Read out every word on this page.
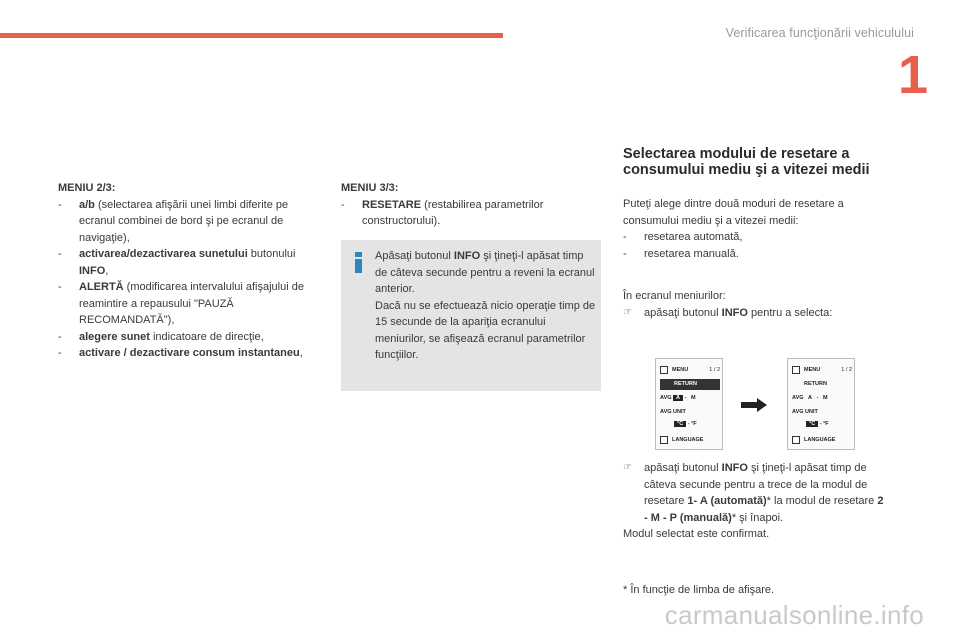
Verificarea funcţionării vehiculului
1
MENIU 2/3:
- a/b (selectarea afişării unei limbi diferite pe ecranul combinei de bord şi pe ecranul de navigaţie),
- activarea/dezactivarea sunetului butonului INFO,
- ALERTĂ (modificarea intervalului afişajului de reamintire a repausului "PAUZĂ RECOMANDATĂ"),
- alegere sunet indicatoare de direcţie,
- activare / dezactivare consum instantaneu,
MENIU 3/3:
- RESETARE (restabilirea parametrilor constructorului).
Apăsaţi butonul INFO şi ţineţi-l apăsat timp de câteva secunde pentru a reveni la ecranul anterior.
Dacă nu se efectuează nicio operaţie timp de 15 secunde de la apariţia ecranului meniurilor, se afişează ecranul parametrilor funcţiilor.
Selectarea modului de resetare a consumului mediu şi a vitezei medii
Puteţi alege dintre două moduri de resetare a consumului mediu şi a vitezei medii:
- resetarea automată,
- resetarea manuală.
În ecranul meniurilor:
☞ apăsaţi butonul INFO pentru a selecta:
MENU	1 / 2
RETURN
AVG A - M
AVG UNIT
°C - °F
LANGUAGE
MENU	1 / 2
RETURN
AVG A - M
AVG UNIT
°C - °F
LANGUAGE
☞ apăsaţi butonul INFO şi ţineţi-l apăsat timp de câteva secunde pentru a trece de la modul de resetare 1- A (automată)* la modul de resetare 2 - M - P (manuală)* şi înapoi.
Modul selectat este confirmat.
* În funcţie de limba de afişare.
carmanualsonline.info
